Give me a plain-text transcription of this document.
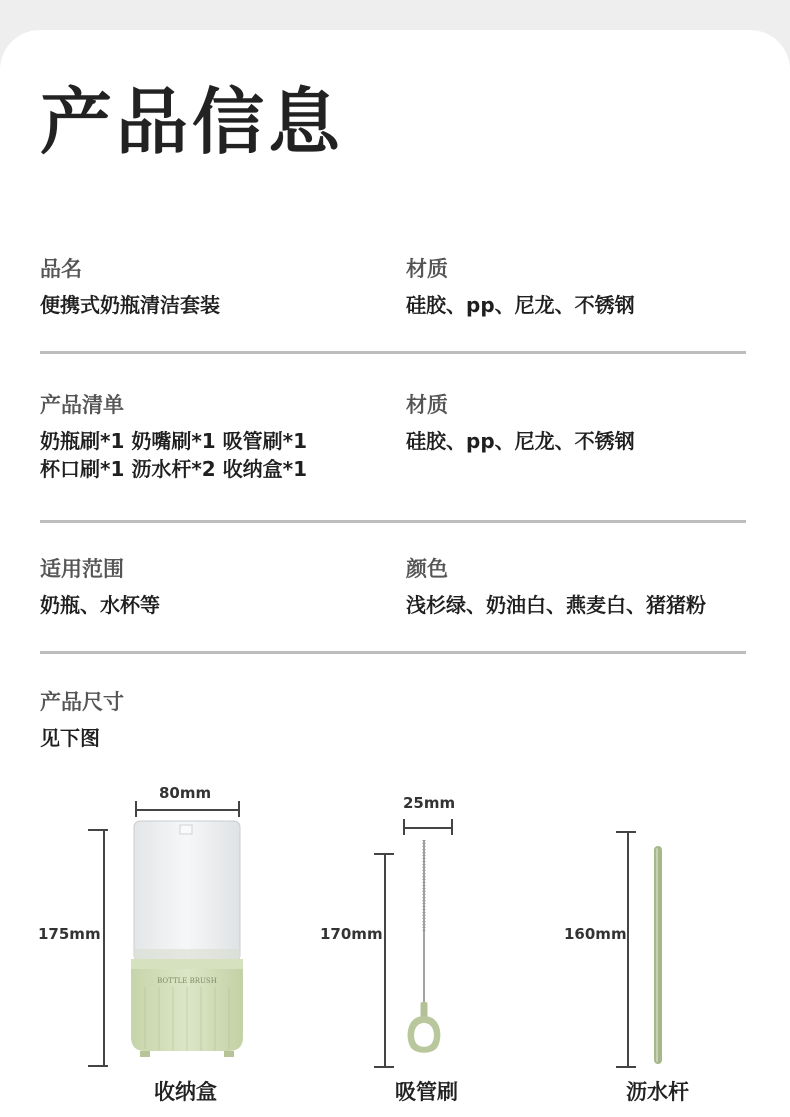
产品信息
品名
便携式奶瓶清洁套装
材质
硅胶、pp、尼龙、不锈钢
产品清单
奶瓶刷*1 奶嘴刷*1 吸管刷*1
杯口刷*1 沥水杆*2 收纳盒*1
材质
硅胶、pp、尼龙、不锈钢
适用范围
奶瓶、水杯等
颜色
浅杉绿、奶油白、燕麦白、猪猪粉
产品尺寸
见下图
80mm
175mm
BOTTLE BRUSH
收纳盒
25mm
170mm
吸管刷
160mm
沥水杆
